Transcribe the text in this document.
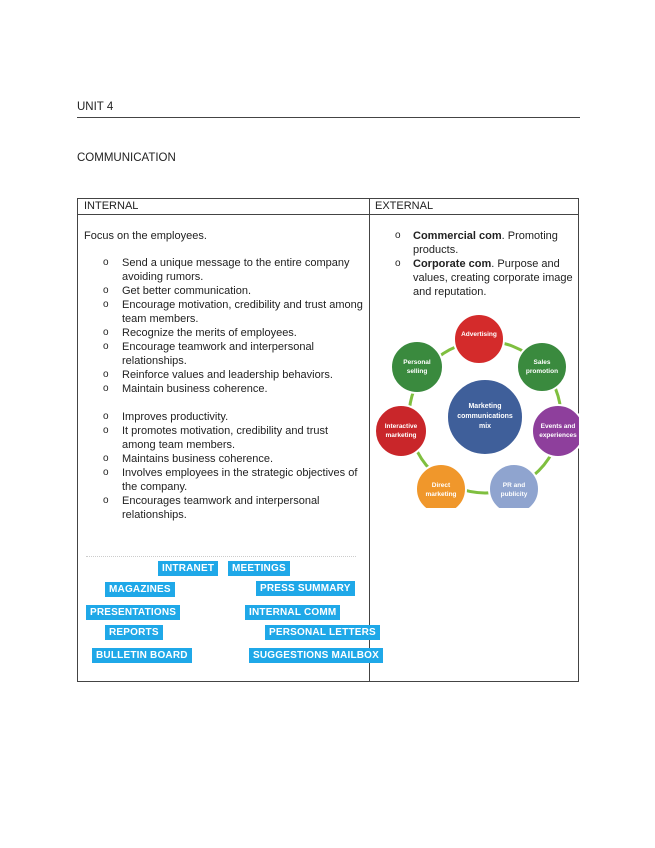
UNIT 4
COMMUNICATION
INTERNAL	EXTERNAL

Focus on the employees.

o Send a unique message to the entire company avoiding rumors.
o Get better communication.
o Encourage motivation, credibility and trust among team members.
o Recognize the merits of employees.
o Encourage teamwork and interpersonal relationships.
o Reinforce values and leadership behaviors.
o Maintain business coherence.
o Improves productivity.
o It promotes motivation, credibility and trust among team members.
o Maintains business coherence.
o Involves employees in the strategic objectives of the company.
o Encourages teamwork and interpersonal relationships.
INTRANET	MEETINGS
MAGAZINES	PRESS SUMMARY
PRESENTATIONS	INTERNAL COMM
REPORTS	PERSONAL LETTERS
BULLETIN BOARD	SUGGESTIONS MAILBOX
o Commercial com. Promoting products.
o Corporate com. Purpose and values, creating corporate image and reputation.
Marketing
communications
mix
Advertising
Sales
promotion
Events and
experiences
PR and
publicity
Direct
marketing
Interactive
marketing
Personal
selling
